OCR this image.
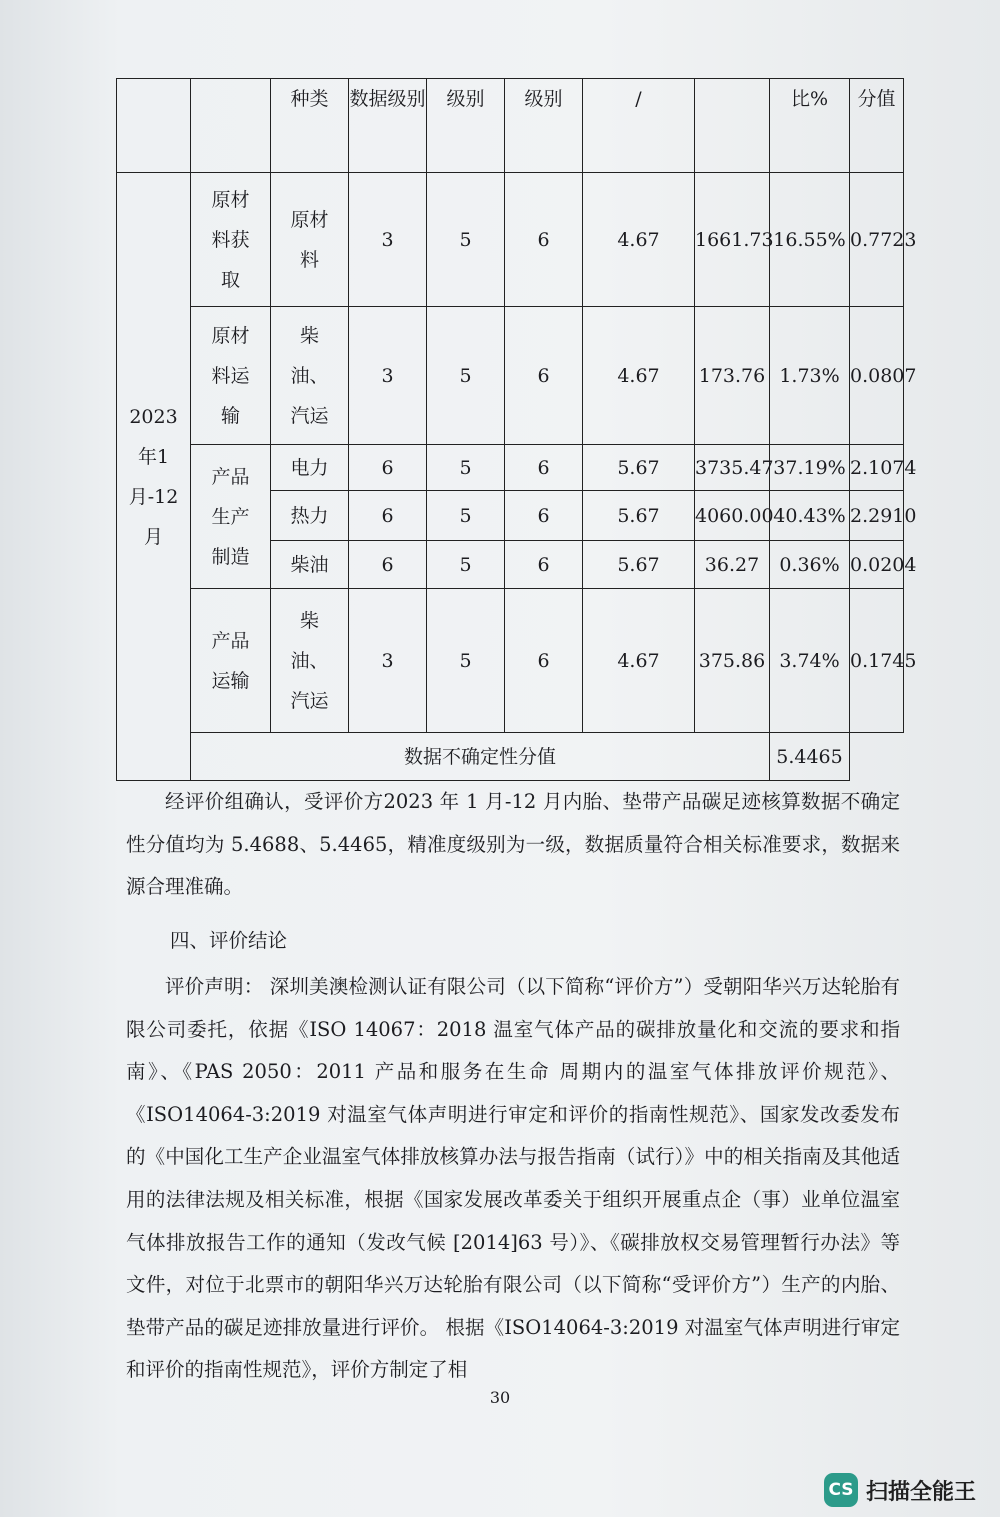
		种类	数据级别	级别	级别	/		比%	分值
2023年1月-12月	原材料获取	原材料	3	5	6	4.67	1661.73	16.55%	0.7723
	原材料运输	柴油、汽运	3	5	6	4.67	173.76	1.73%	0.0807
	产品生产制造	电力	6	5	6	5.67	3735.47	37.19%	2.1074
		热力	6	5	6	5.67	4060.00	40.43%	2.2910
		柴油	6	5	6	5.67	36.27	0.36%	0.0204
	产品运输	柴油、汽运	3	5	6	4.67	375.86	3.74%	0.1745
	数据不确定性分值							5.4465	

经评价组确认，受评价方2023 年 1 月-12 月内胎、垫带产品碳足迹核算数据不确定性分值均为 5.4688、5.4465，精准度级别为一级，数据质量符合相关标准要求，数据来源合理准确。

四、评价结论

评价声明： 深圳美澳检测认证有限公司（以下简称“评价方”）受朝阳华兴万达轮胎有限公司委托，依据《ISO 14067：2018 温室气体产品的碳排放量化和交流的要求和指南》、《PAS 2050：2011 产品和服务在生命 周期内的温室气体排放评价规范》、《ISO14064-3:2019 对温室气体声明进行审定和评价的指南性规范》、国家发改委发布的《中国化工生产企业温室气体排放核算办法与报告指南（试行）》中的相关指南及其他适用的法律法规及相关标准，根据《国家发展改革委关于组织开展重点企（事）业单位温室气体排放报告工作的通知（发改气候 [2014]63 号）》、《碳排放权交易管理暂行办法》等文件，对位于北票市的朝阳华兴万达轮胎有限公司（以下简称“受评价方”）生产的内胎、垫带产品的碳足迹排放量进行评价。 根据《ISO14064-3:2019 对温室气体声明进行审定和评价的指南性规范》，评价方制定了相

30
CS 扫描全能王
